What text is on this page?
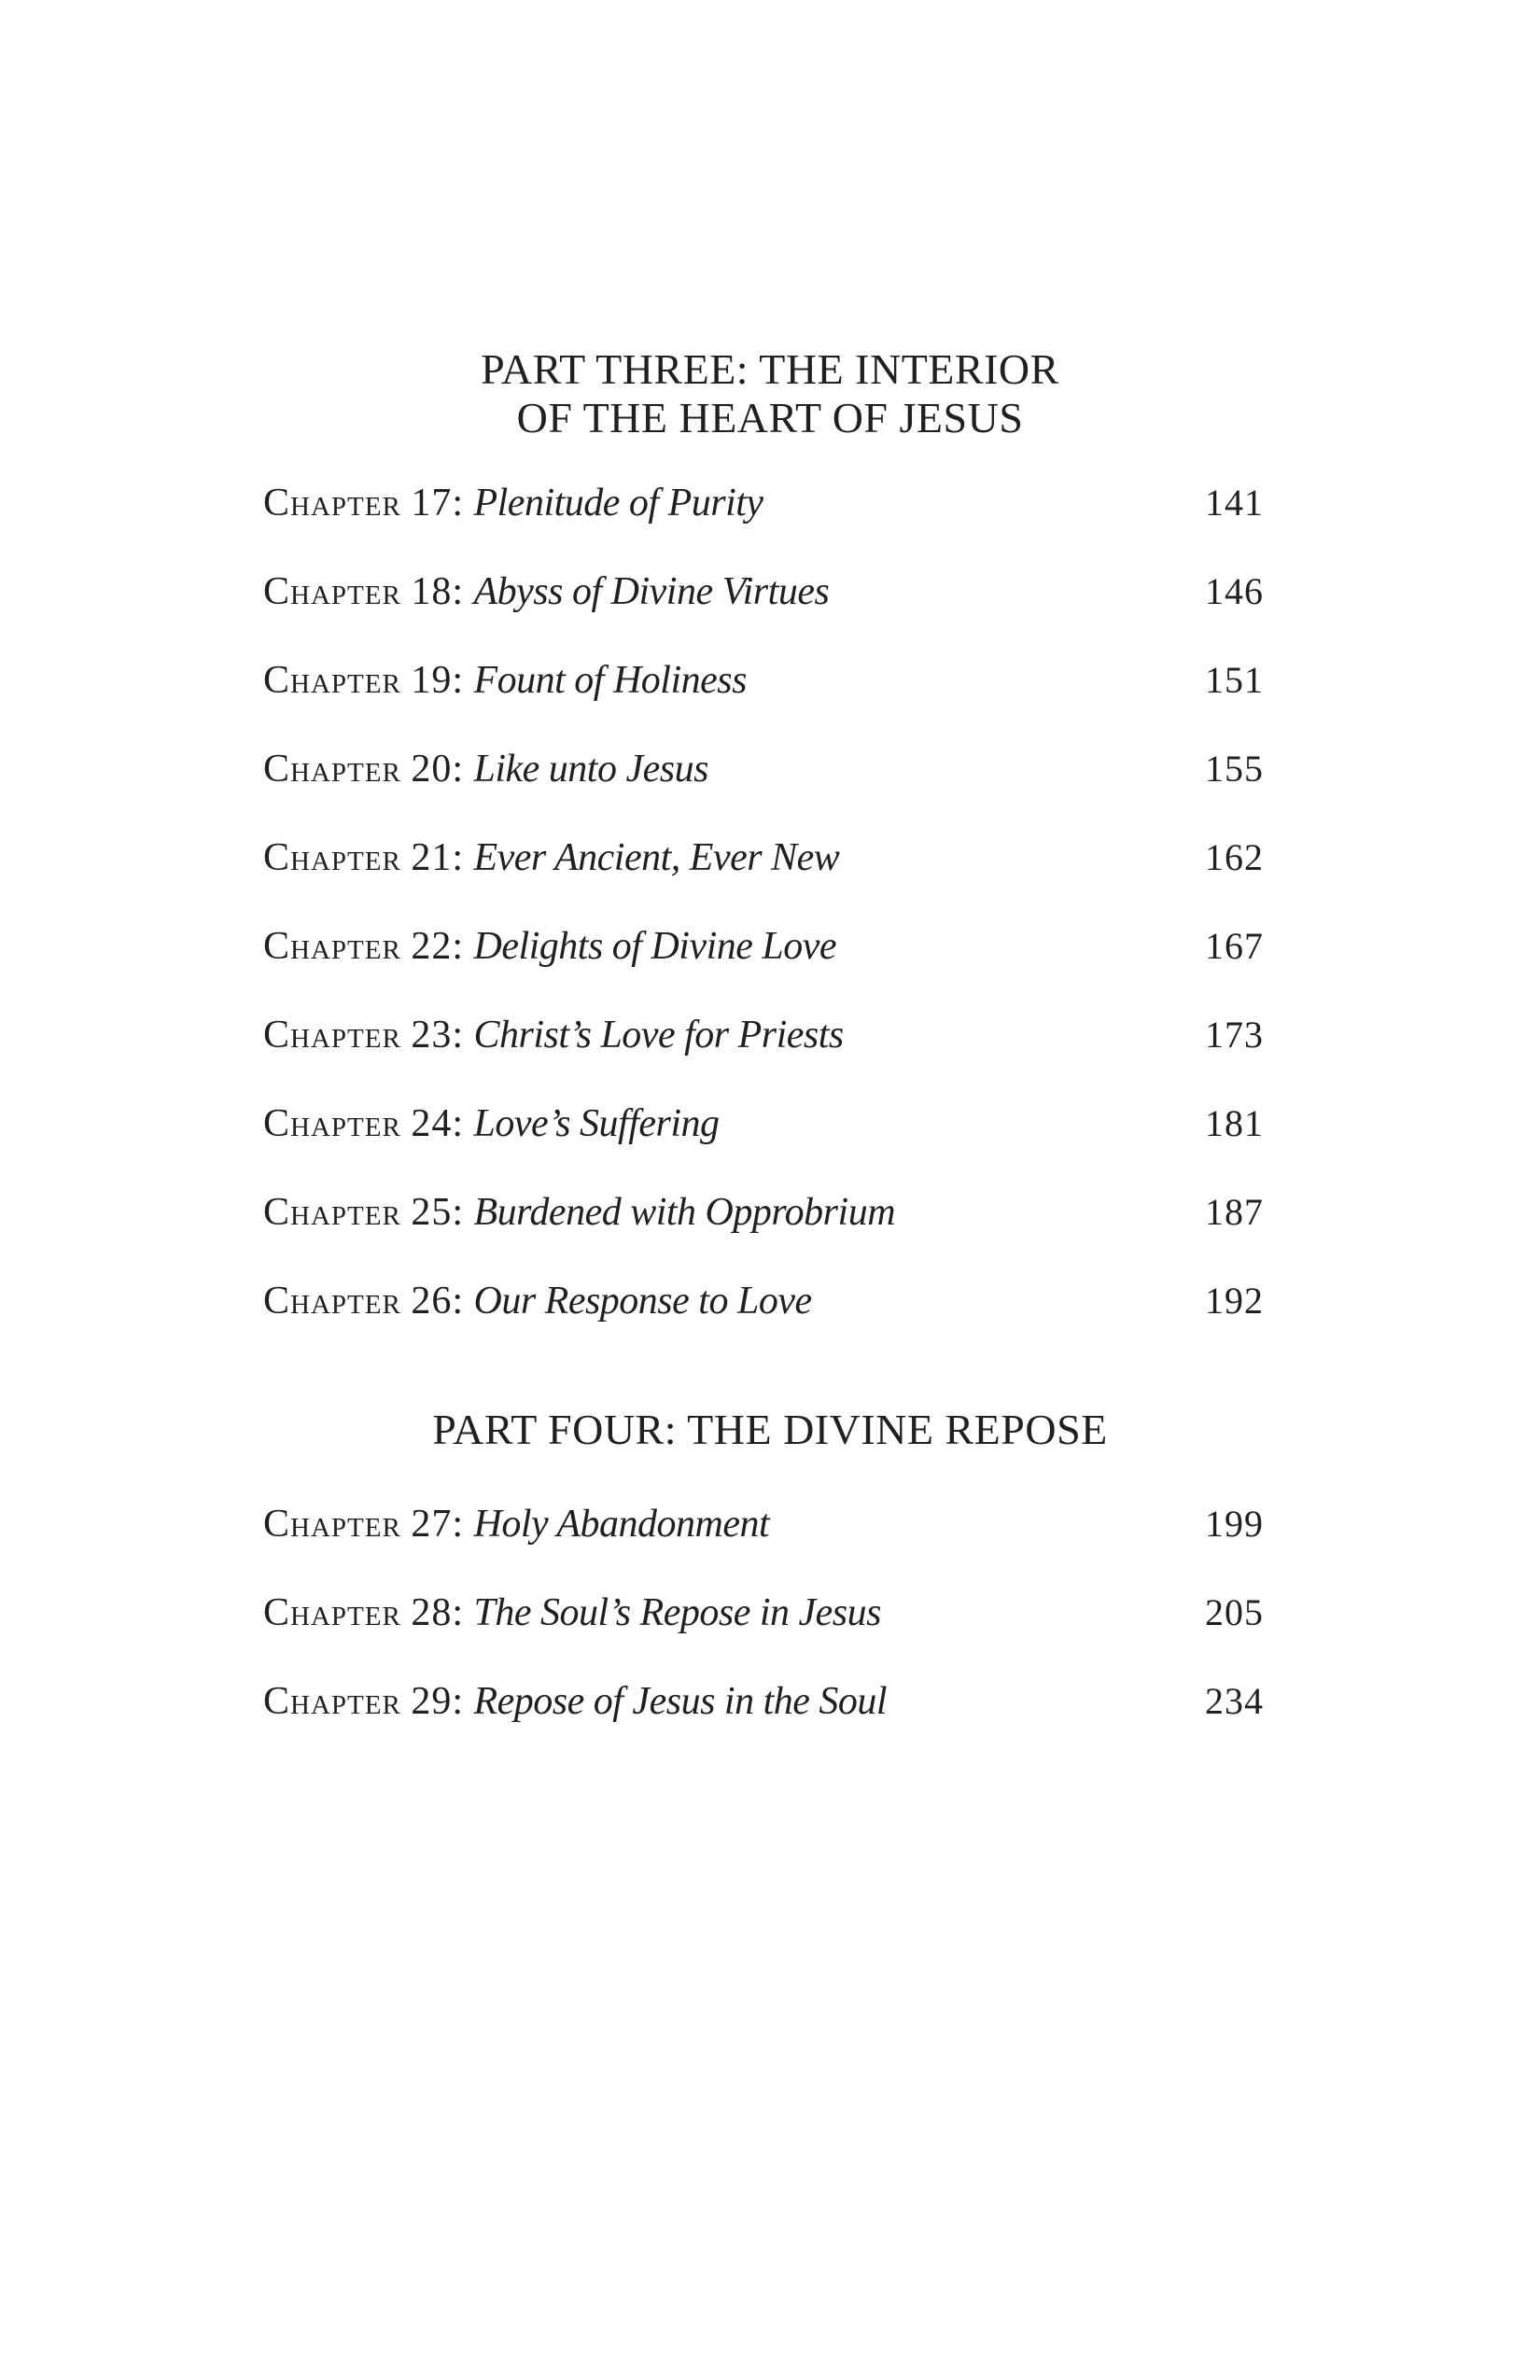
PART THREE: THE INTERIOR
OF THE HEART OF JESUS
Chapter 17: Plenitude of Purity	141
Chapter 18: Abyss of Divine Virtues	146
Chapter 19: Fount of Holiness	151
Chapter 20: Like unto Jesus	155
Chapter 21: Ever Ancient, Ever New	162
Chapter 22: Delights of Divine Love	167
Chapter 23: Christ’s Love for Priests	173
Chapter 24: Love’s Suffering	181
Chapter 25: Burdened with Opprobrium	187
Chapter 26: Our Response to Love	192
PART FOUR: THE DIVINE REPOSE
Chapter 27: Holy Abandonment	199
Chapter 28: The Soul’s Repose in Jesus	205
Chapter 29: Repose of Jesus in the Soul	234
